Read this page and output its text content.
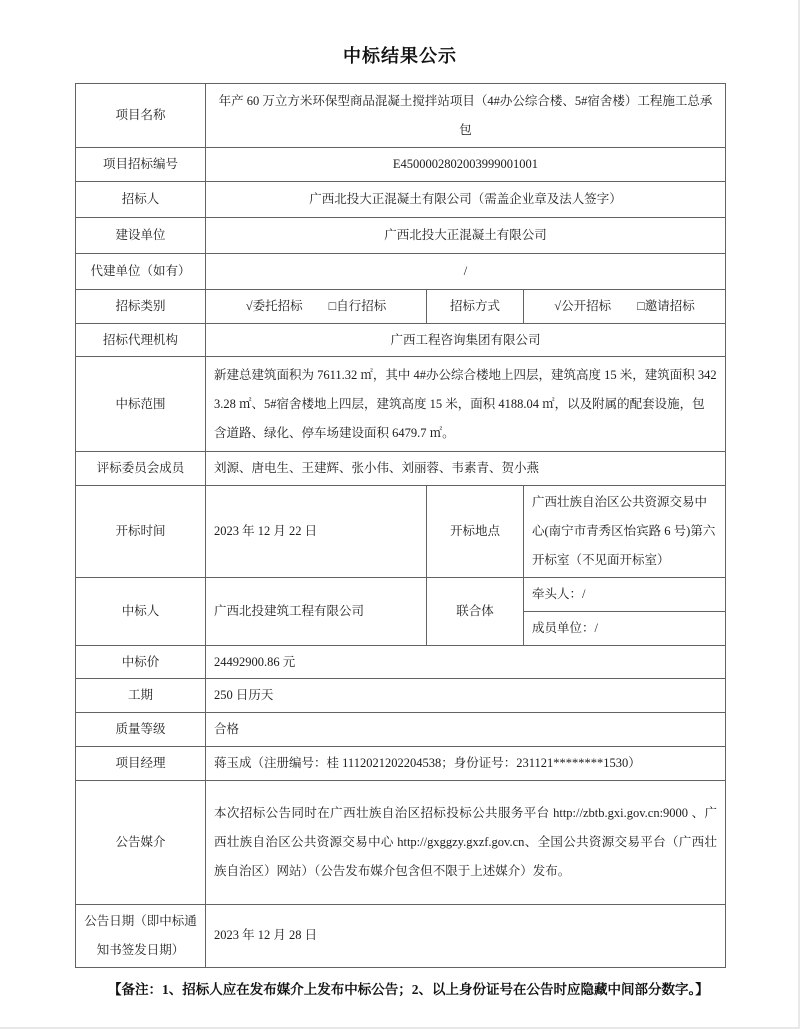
中标结果公示
项目名称	年产 60 万立方米环保型商品混凝土搅拌站项目（4#办公综合楼、5#宿舍楼）工程施工总承包		
项目招标编号	E4500002802003999001001		
招标人	广西北投大正混凝土有限公司（需盖企业章及法人签字）		
建设单位	广西北投大正混凝土有限公司		
代建单位（如有）	/		
招标类别	√委托招标 □自行招标	招标方式	√公开招标 □邀请招标
招标代理机构	广西工程咨询集团有限公司		
中标范围	新建总建筑面积为 7611.32 ㎡，其中 4#办公综合楼地上四层，建筑高度 15 米，建筑面积 3423.28 ㎡、5#宿舍楼地上四层，建筑高度 15 米，面积 4188.04 ㎡，以及附属的配套设施，包含道路、绿化、停车场建设面积 6479.7 ㎡。		
评标委员会成员	刘源、唐电生、王建辉、张小伟、刘丽蓉、韦素青、贺小燕		
开标时间	2023 年 12 月 22 日	开标地点	广西壮族自治区公共资源交易中心(南宁市青秀区怡宾路 6 号)第六开标室（不见面开标室）
中标人	广西北投建筑工程有限公司	联合体	牵头人：/
			成员单位：/
中标价	24492900.86 元		
工期	250 日历天		
质量等级	合格		
项目经理	蒋玉成（注册编号：桂 1112021202204538；身份证号：231121********1530）		
公告媒介	本次招标公告同时在广西壮族自治区招标投标公共服务平台 http://zbtb.gxi.gov.cn:9000 、广西壮族自治区公共资源交易中心 http://gxggzy.gxzf.gov.cn、全国公共资源交易平台（广西壮族自治区）网站）（公告发布媒介包含但不限于上述媒介）发布。		
公告日期（即中标通知书签发日期）	2023 年 12 月 28 日		
【备注：1、招标人应在发布媒介上发布中标公告；2、以上身份证号在公告时应隐藏中间部分数字。】
